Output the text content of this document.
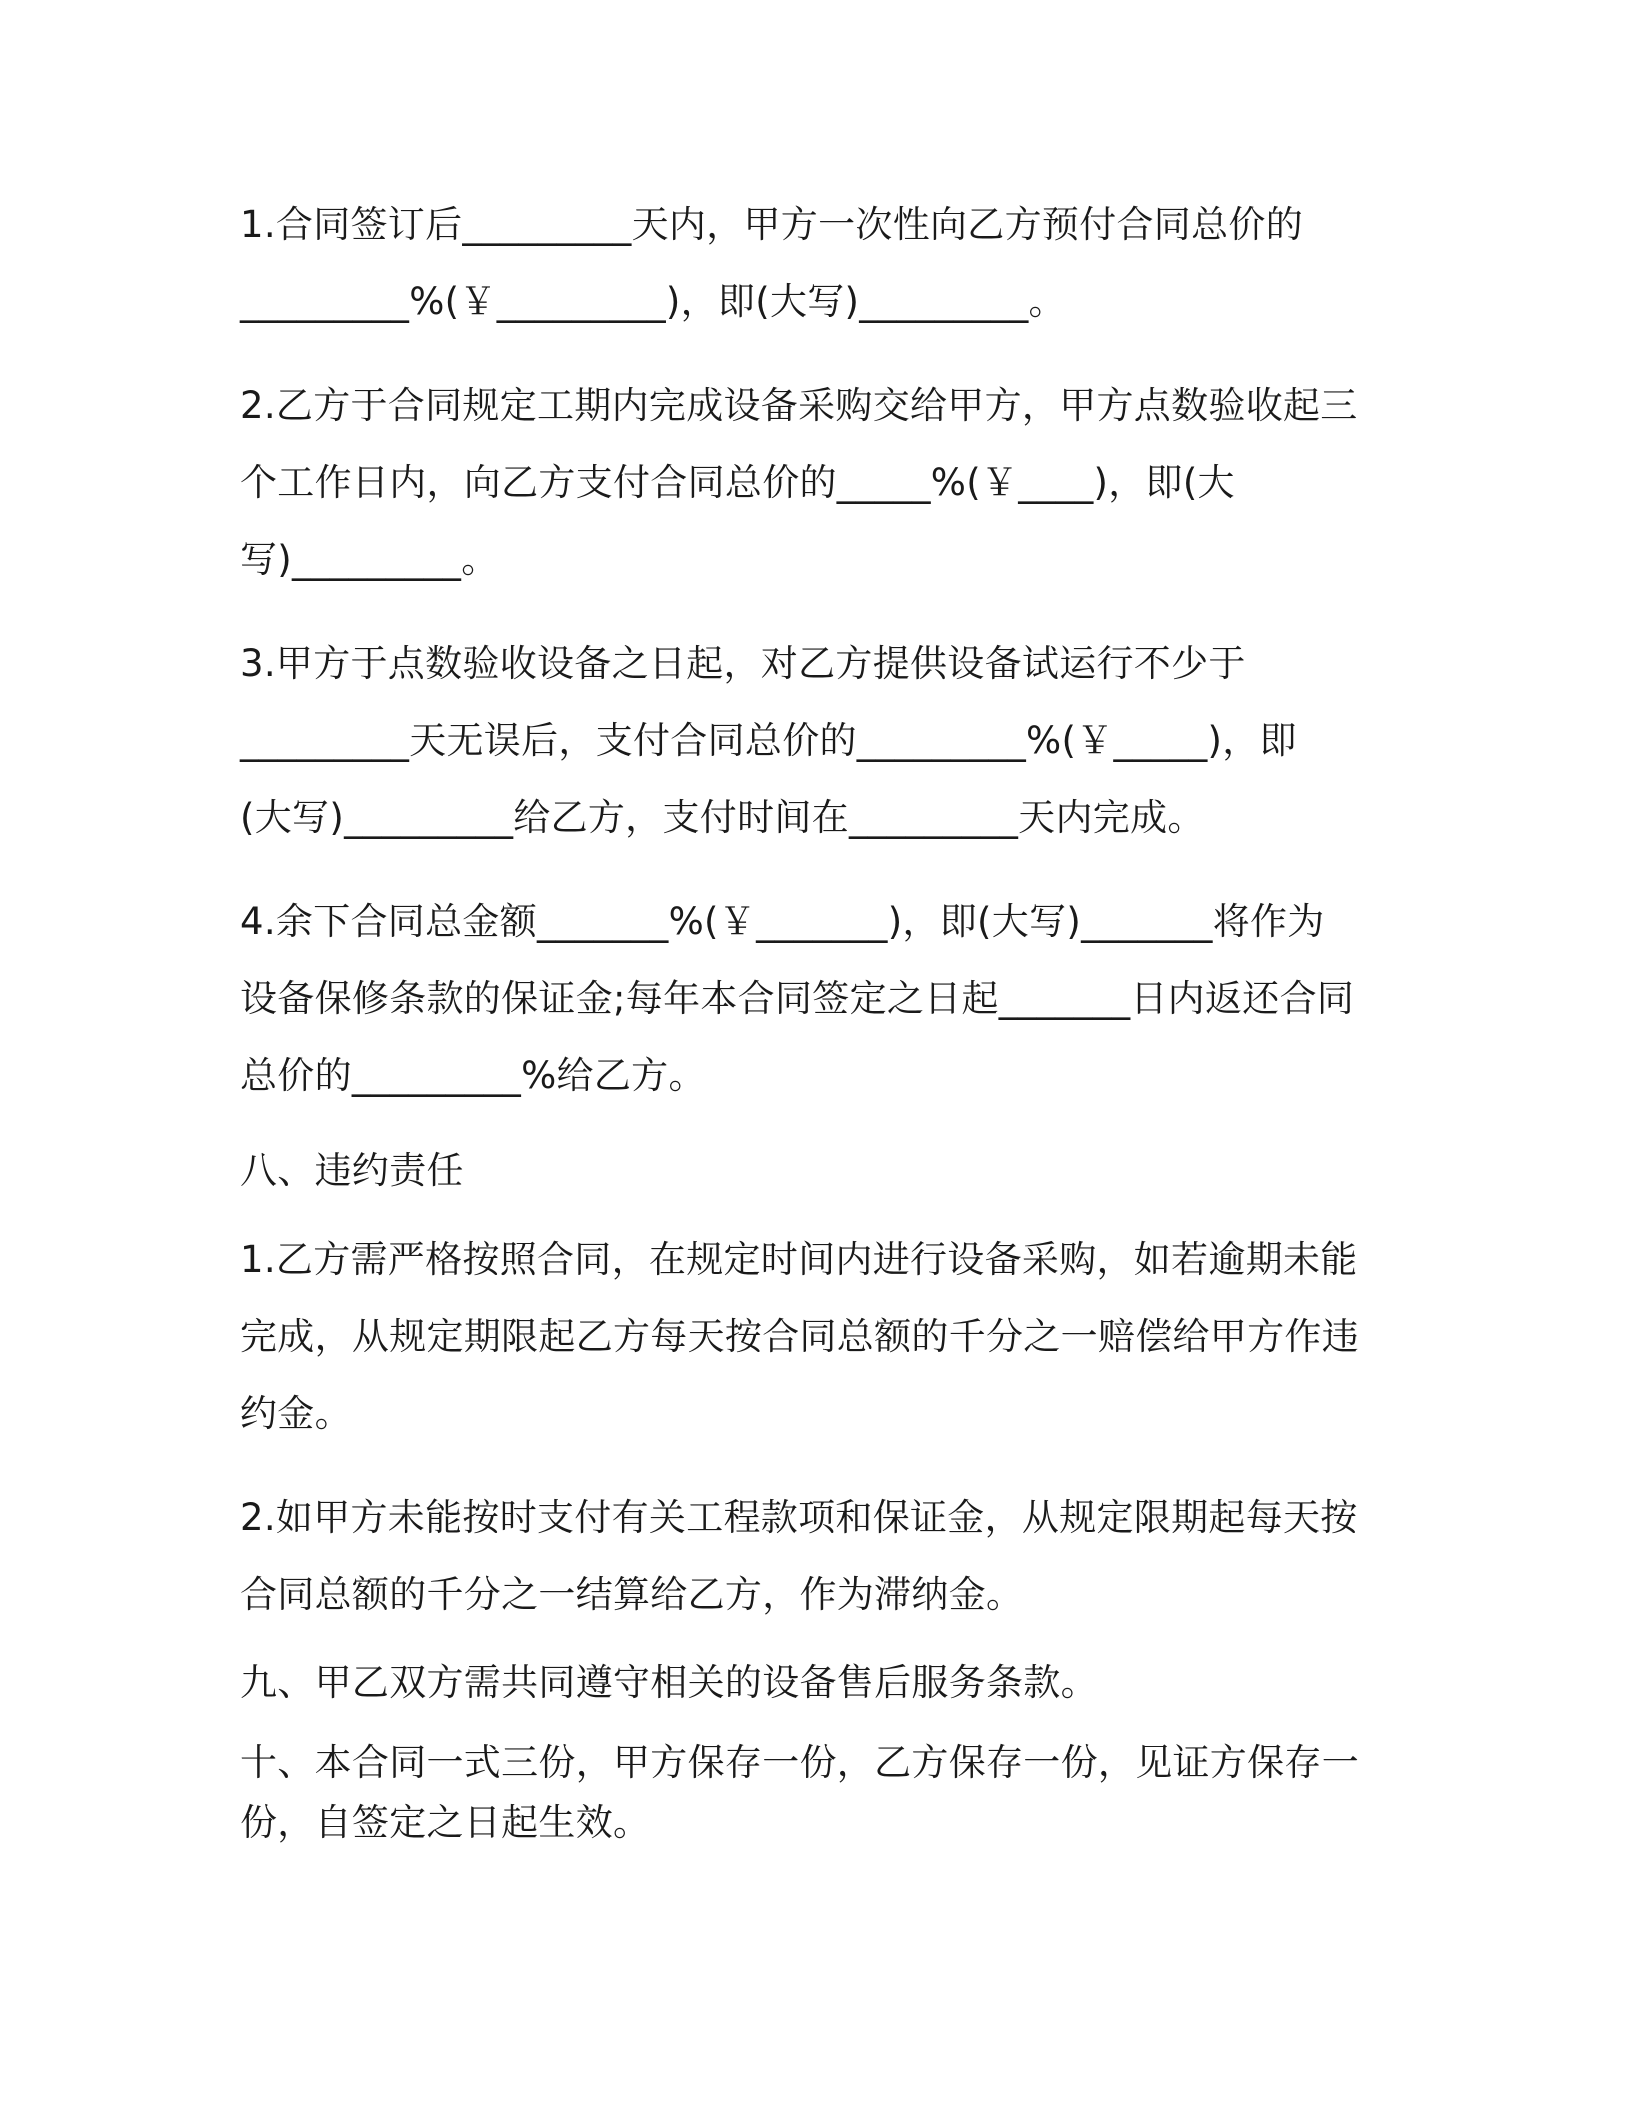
1.合同签订后_________天内，甲方一次性向乙方预付合同总价的
_________%(￥_________)，即(大写)_________。
2.乙方于合同规定工期内完成设备采购交给甲方，甲方点数验收起三
个工作日内，向乙方支付合同总价的_____%(￥____)，即(大
写)_________。
3.甲方于点数验收设备之日起，对乙方提供设备试运行不少于
_________天无误后，支付合同总价的_________%(￥_____)，即
(大写)_________给乙方，支付时间在_________天内完成。
4.余下合同总金额_______%(￥_______)，即(大写)_______将作为
设备保修条款的保证金;每年本合同签定之日起_______日内返还合同
总价的_________%给乙方。
八、违约责任
1.乙方需严格按照合同，在规定时间内进行设备采购，如若逾期未能
完成，从规定期限起乙方每天按合同总额的千分之一赔偿给甲方作违
约金。
2.如甲方未能按时支付有关工程款项和保证金，从规定限期起每天按
合同总额的千分之一结算给乙方，作为滞纳金。
九、甲乙双方需共同遵守相关的设备售后服务条款。
十、本合同一式三份，甲方保存一份，乙方保存一份，见证方保存一
份，自签定之日起生效。
